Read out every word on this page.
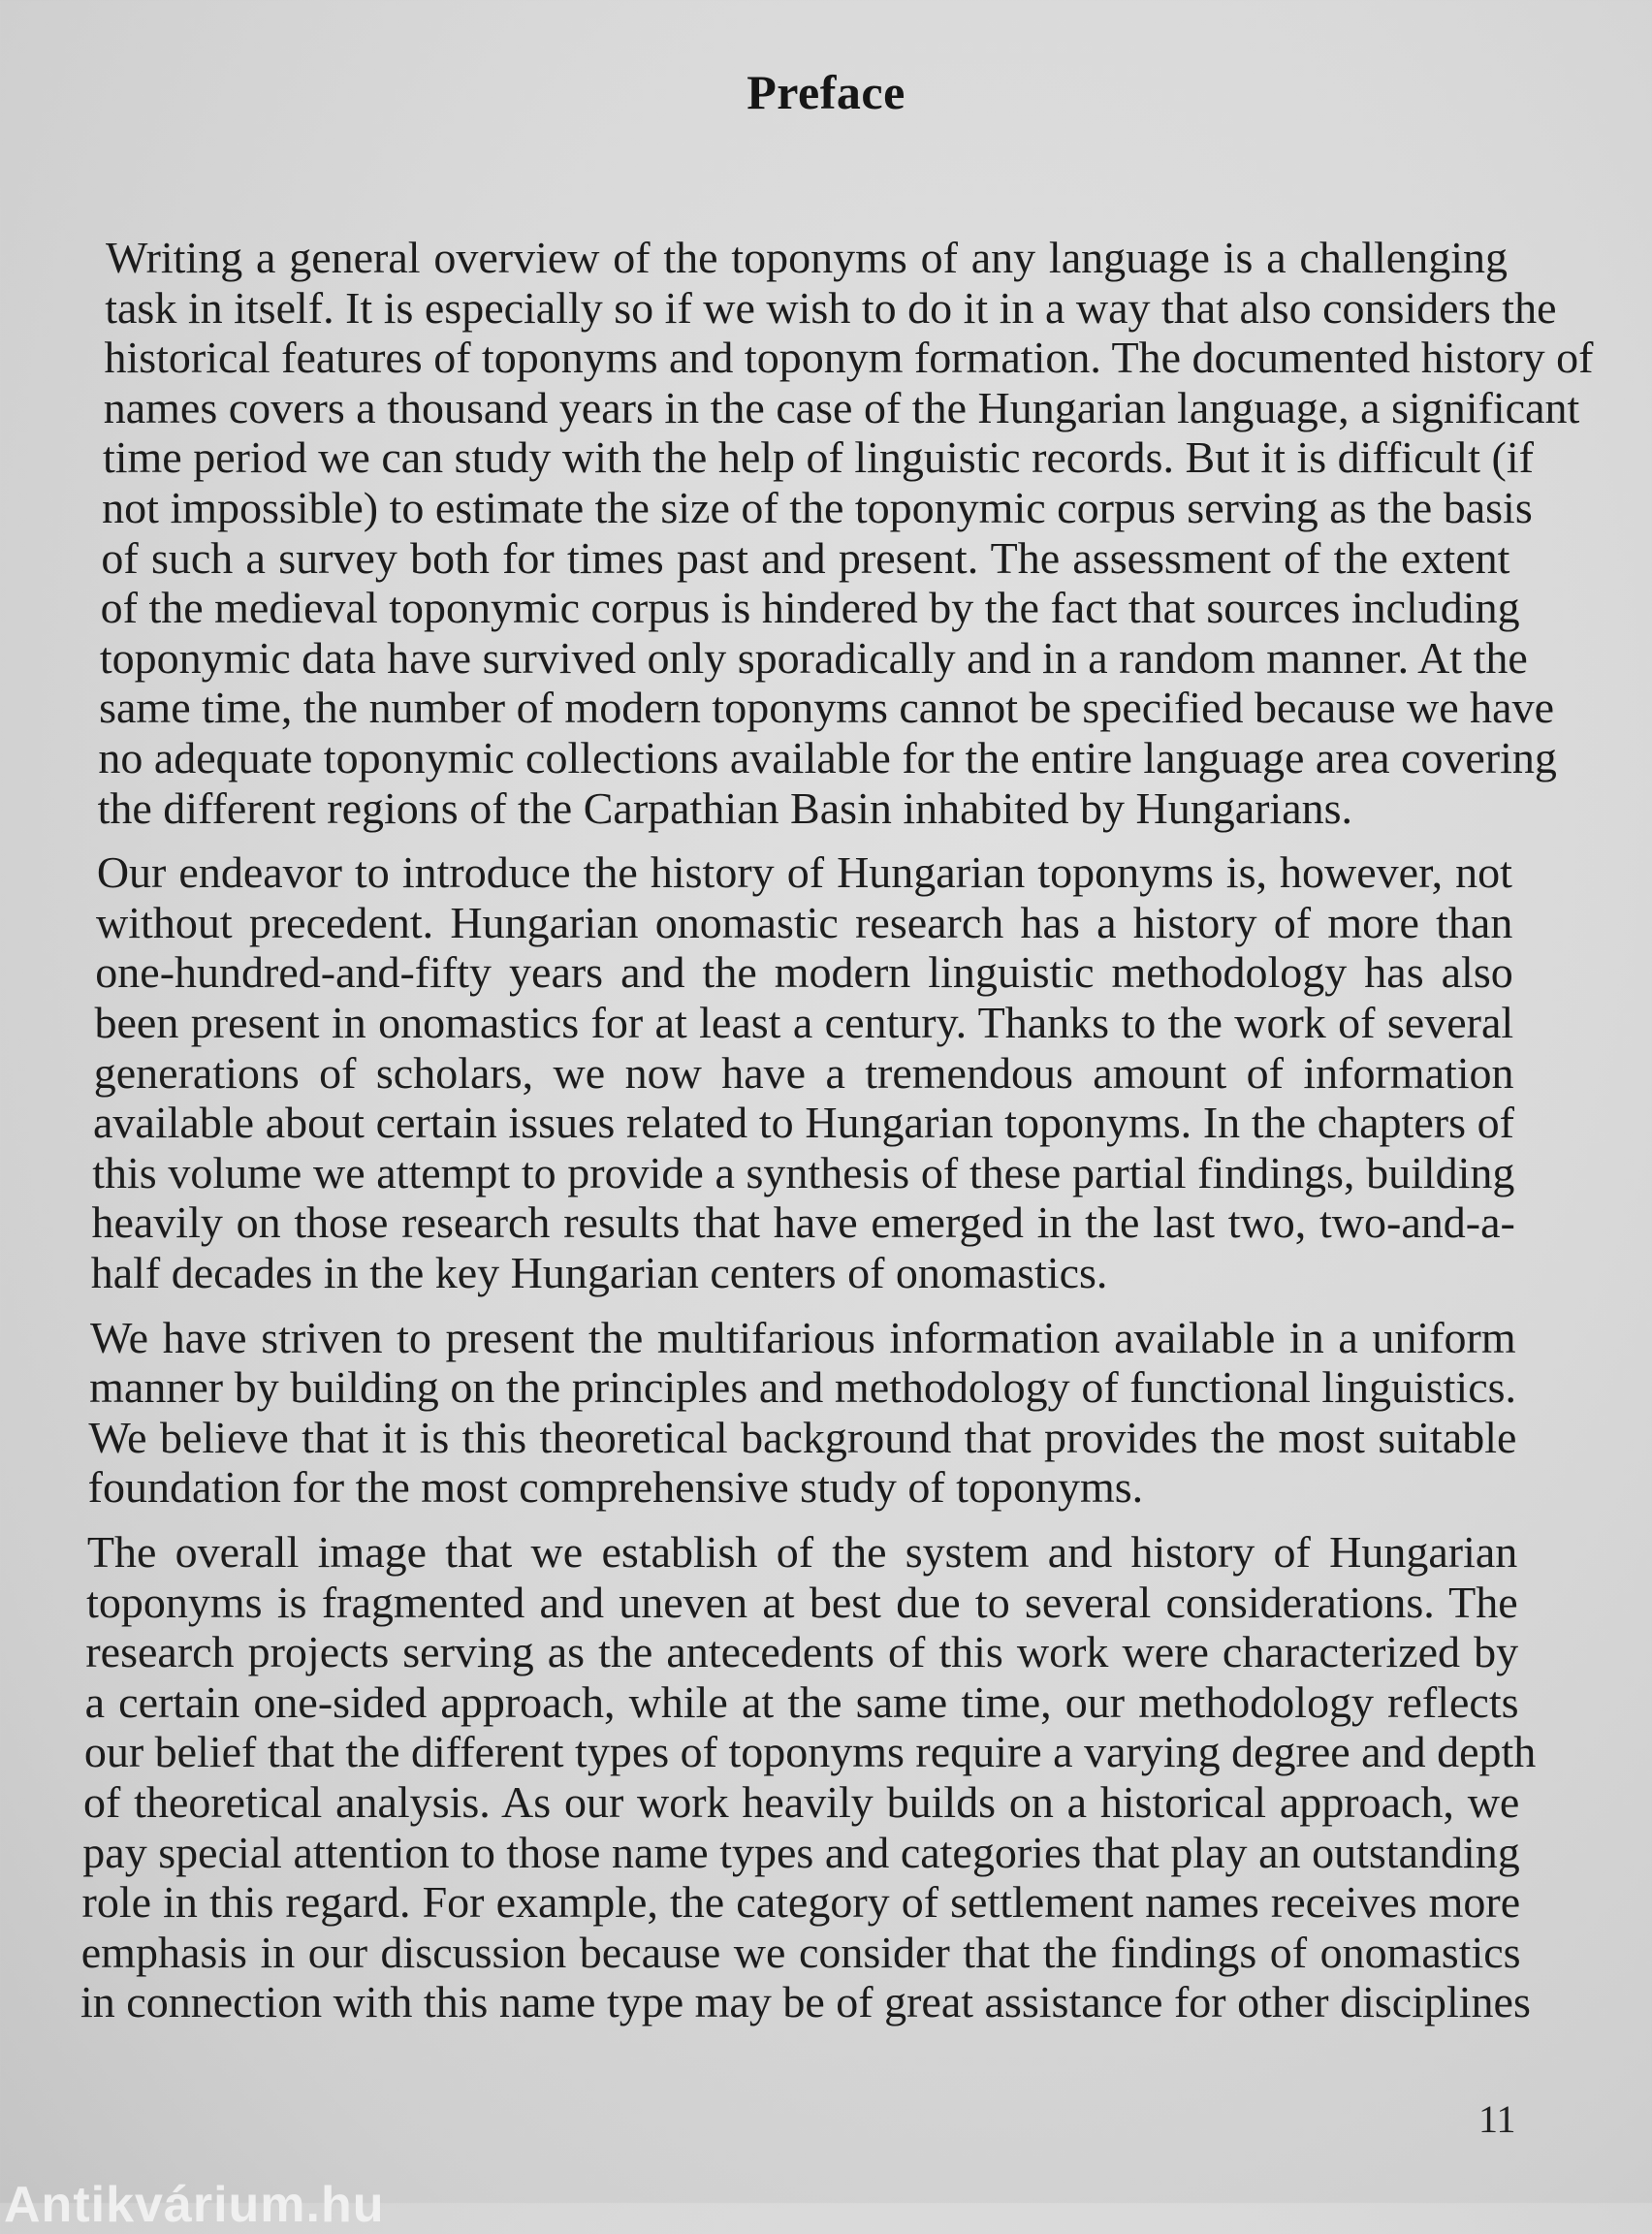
Preface
Writing a general overview of the toponyms of any language is a challenging
task in itself. It is especially so if we wish to do it in a way that also considers the
historical features of toponyms and toponym formation. The documented history of
names covers a thousand years in the case of the Hungarian language, a significant
time period we can study with the help of linguistic records. But it is difficult (if
not impossible) to estimate the size of the toponymic corpus serving as the basis
of such a survey both for times past and present. The assessment of the extent
of the medieval toponymic corpus is hindered by the fact that sources including
toponymic data have survived only sporadically and in a random manner. At the
same time, the number of modern toponyms cannot be specified because we have
no adequate toponymic collections available for the entire language area covering
the different regions of the Carpathian Basin inhabited by Hungarians.
Our endeavor to introduce the history of Hungarian toponyms is, however, not
without precedent. Hungarian onomastic research has a history of more than
one-hundred-and-fifty years and the modern linguistic methodology has also
been present in onomastics for at least a century. Thanks to the work of several
generations of scholars, we now have a tremendous amount of information
available about certain issues related to Hungarian toponyms. In the chapters of
this volume we attempt to provide a synthesis of these partial findings, building
heavily on those research results that have emerged in the last two, two-and-a-
half decades in the key Hungarian centers of onomastics.
We have striven to present the multifarious information available in a uniform
manner by building on the principles and methodology of functional linguistics.
We believe that it is this theoretical background that provides the most suitable
foundation for the most comprehensive study of toponyms.
The overall image that we establish of the system and history of Hungarian
toponyms is fragmented and uneven at best due to several considerations. The
research projects serving as the antecedents of this work were characterized by
a certain one-sided approach, while at the same time, our methodology reflects
our belief that the different types of toponyms require a varying degree and depth
of theoretical analysis. As our work heavily builds on a historical approach, we
pay special attention to those name types and categories that play an outstanding
role in this regard. For example, the category of settlement names receives more
emphasis in our discussion because we consider that the findings of onomastics
in connection with this name type may be of great assistance for other disciplines
11
Antikvárium.hu
